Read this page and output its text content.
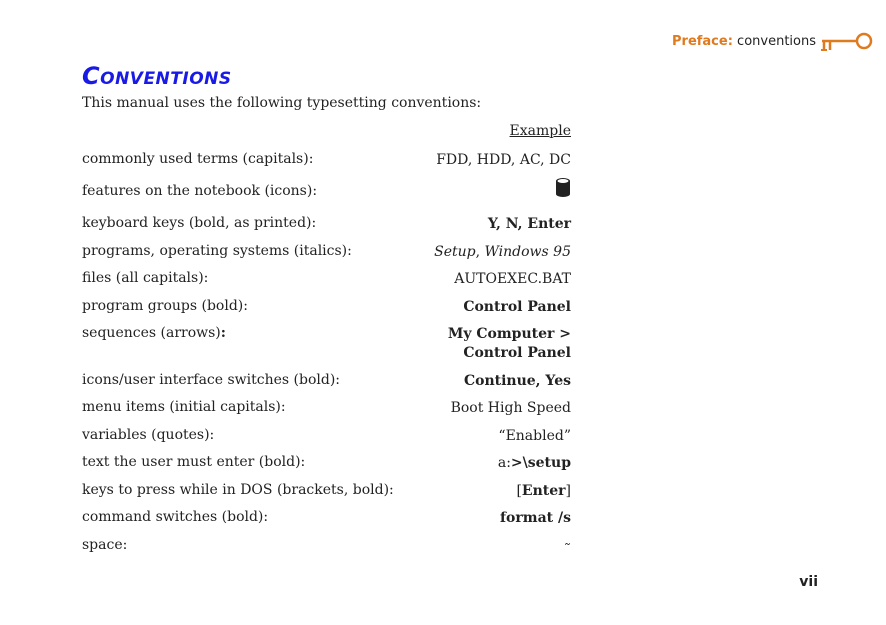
Preface: conventions
Conventions
This manual uses the following typesetting conventions:
Example
commonly used terms (capitals):	FDD, HDD, AC, DC
features on the notebook (icons):
keyboard keys (bold, as printed):	Y, N, Enter
programs, operating systems (italics):	Setup, Windows 95
files (all capitals):	AUTOEXEC.BAT
program groups (bold):	Control Panel
sequences (arrows):	My Computer >
Control Panel
icons/user interface switches (bold):	Continue, Yes
menu items (initial capitals):	Boot High Speed
variables (quotes):	“Enabled”
text the user must enter (bold):	a:>\setup
keys to press while in DOS (brackets, bold):	[Enter]
command switches (bold):	format /s
space:	˜
vii
